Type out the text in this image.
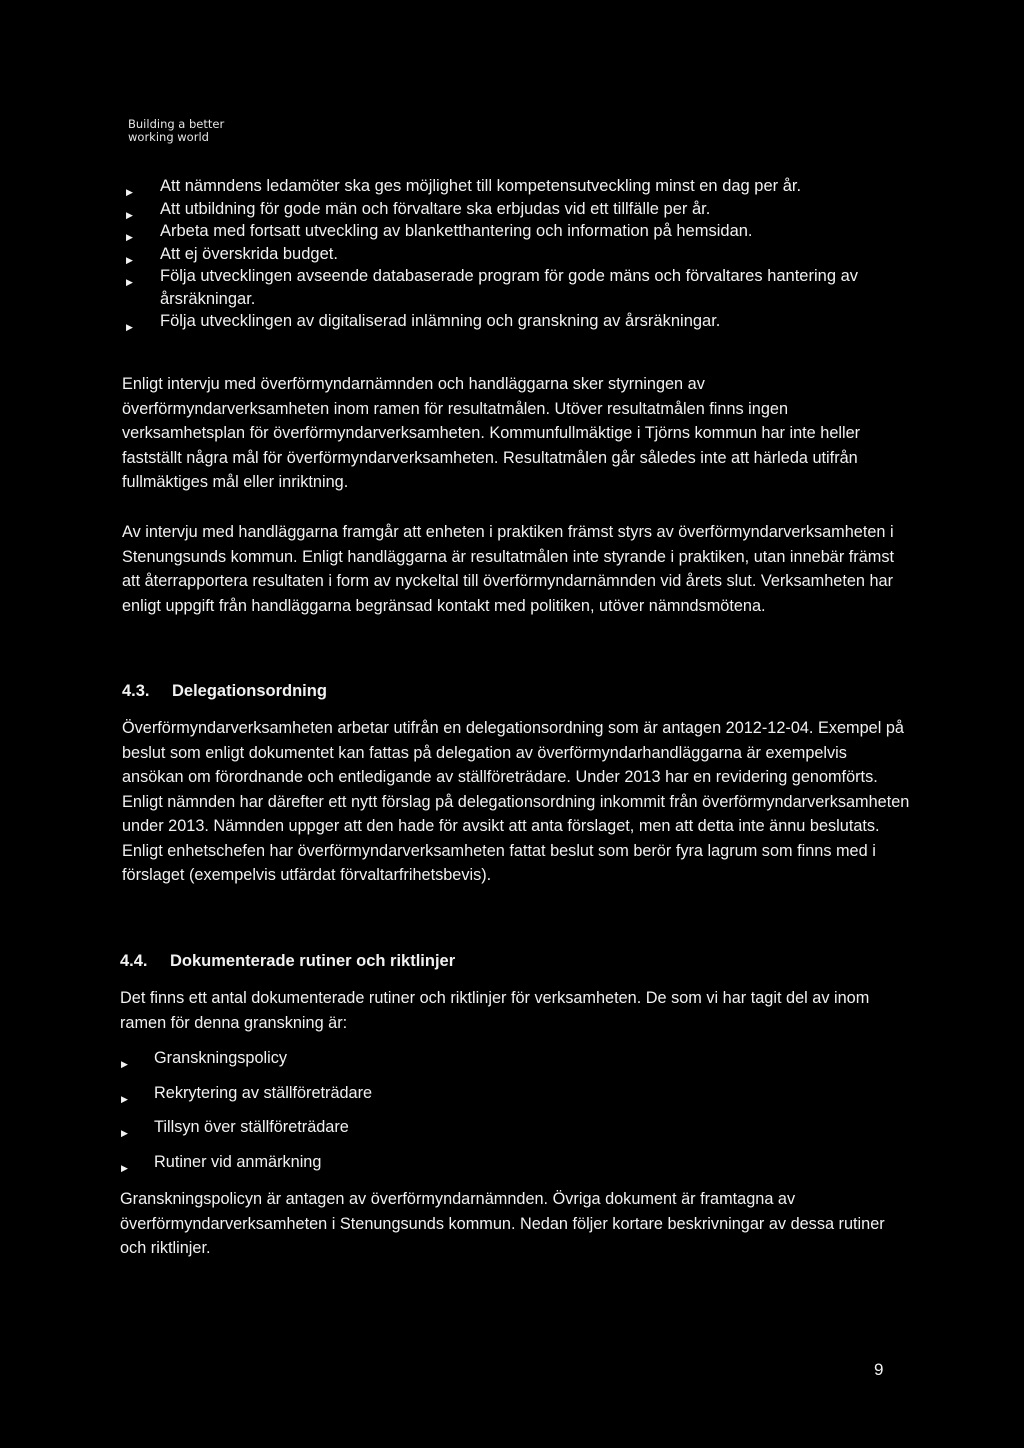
Building a better
working world
▶ Att nämndens ledamöter ska ges möjlighet till kompetensutveckling minst en dag per år.
▶ Att utbildning för gode män och förvaltare ska erbjudas vid ett tillfälle per år.
▶ Arbeta med fortsatt utveckling av blanketthantering och information på hemsidan.
▶ Att ej överskrida budget.
▶ Följa utvecklingen avseende databaserade program för gode mäns och förvaltares hantering av årsräkningar.
▶ Följa utvecklingen av digitaliserad inlämning och granskning av årsräkningar.

Enligt intervju med överförmyndarnämnden och handläggarna sker styrningen av överförmyndarverksamheten inom ramen för resultatmålen. Utöver resultatmålen finns ingen verksamhetsplan för överförmyndarverksamheten. Kommunfullmäktige i Tjörns kommun har inte heller fastställt några mål för överförmyndarverksamheten. Resultatmålen går således inte att härleda utifrån fullmäktiges mål eller inriktning.

Av intervju med handläggarna framgår att enheten i praktiken främst styrs av överförmyndarverksamheten i Stenungsunds kommun. Enligt handläggarna är resultatmålen inte styrande i praktiken, utan innebär främst att återrapportera resultaten i form av nyckeltal till överförmyndarnämnden vid årets slut. Verksamheten har enligt uppgift från handläggarna begränsad kontakt med politiken, utöver nämndsmötena.

4.3. Delegationsordning

Överförmyndarverksamheten arbetar utifrån en delegationsordning som är antagen 2012-12-04. Exempel på beslut som enligt dokumentet kan fattas på delegation av överförmyndarhandläggarna är exempelvis ansökan om förordnande och entledigande av ställföreträdare. Under 2013 har en revidering genomförts. Enligt nämnden har därefter ett nytt förslag på delegationsordning inkommit från överförmyndarverksamheten under 2013. Nämnden uppger att den hade för avsikt att anta förslaget, men att detta inte ännu beslutats. Enligt enhetschefen har överförmyndarverksamheten fattat beslut som berör fyra lagrum som finns med i förslaget (exempelvis utfärdat förvaltarfrihetsbevis).

4.4. Dokumenterade rutiner och riktlinjer

Det finns ett antal dokumenterade rutiner och riktlinjer för verksamheten. De som vi har tagit del av inom ramen för denna granskning är:

▶ Granskningspolicy
▶ Rekrytering av ställföreträdare
▶ Tillsyn över ställföreträdare
▶ Rutiner vid anmärkning

Granskningspolicyn är antagen av överförmyndarnämnden. Övriga dokument är framtagna av överförmyndarverksamheten i Stenungsunds kommun. Nedan följer kortare beskrivningar av dessa rutiner och riktlinjer.

9
